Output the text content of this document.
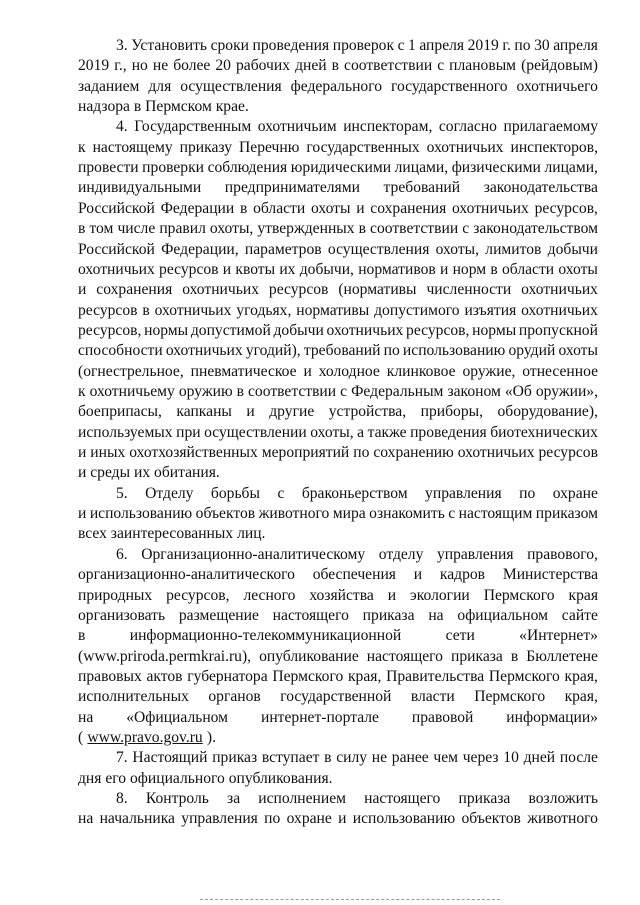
3. Установить сроки проведения проверок с 1 апреля 2019 г. по 30 апреля
2019 г., но не более 20 рабочих дней в соответствии с плановым (рейдовым)
заданием для осуществления федерального государственного охотничьего
надзора в Пермском крае.
4. Государственным охотничьим инспекторам, согласно прилагаемому
к настоящему приказу Перечню государственных охотничьих инспекторов,
провести проверки соблюдения юридическими лицами, физическими лицами,
индивидуальными предпринимателями требований законодательства
Российской Федерации в области охоты и сохранения охотничьих ресурсов,
в том числе правил охоты, утвержденных в соответствии с законодательством
Российской Федерации, параметров осуществления охоты, лимитов добычи
охотничьих ресурсов и квоты их добычи, нормативов и норм в области охоты
и сохранения охотничьих ресурсов (нормативы численности охотничьих
ресурсов в охотничьих угодьях, нормативы допустимого изъятия охотничьих
ресурсов, нормы допустимой добычи охотничьих ресурсов, нормы пропускной
способности охотничьих угодий), требований по использованию орудий охоты
(огнестрельное, пневматическое и холодное клинковое оружие, отнесенное
к охотничьему оружию в соответствии с Федеральным законом «Об оружии»,
боеприпасы, капканы и другие устройства, приборы, оборудование),
используемых при осуществлении охоты, а также проведения биотехнических
и иных охотхозяйственных мероприятий по сохранению охотничьих ресурсов
и среды их обитания.
5. Отделу борьбы с браконьерством управления по охране
и использованию объектов животного мира ознакомить с настоящим приказом
всех заинтересованных лиц.
6. Организационно-аналитическому отделу управления правового,
организационно-аналитического обеспечения и кадров Министерства
природных ресурсов, лесного хозяйства и экологии Пермского края
организовать размещение настоящего приказа на официальном сайте
в	информационно-телекоммуникационной	сети	«Интернет»
(www.priroda.permkrai.ru), опубликование настоящего приказа в Бюллетене
правовых актов губернатора Пермского края, Правительства Пермского края,
исполнительных органов государственной власти Пермского края,
на «Официальном интернет-портале правовой информации»
( www.pravo.gov.ru ).
7. Настоящий приказ вступает в силу не ранее чем через 10 дней после
дня его официального опубликования.
8. Контроль за исполнением настоящего приказа возложить
на начальника управления по охране и использованию объектов животного
